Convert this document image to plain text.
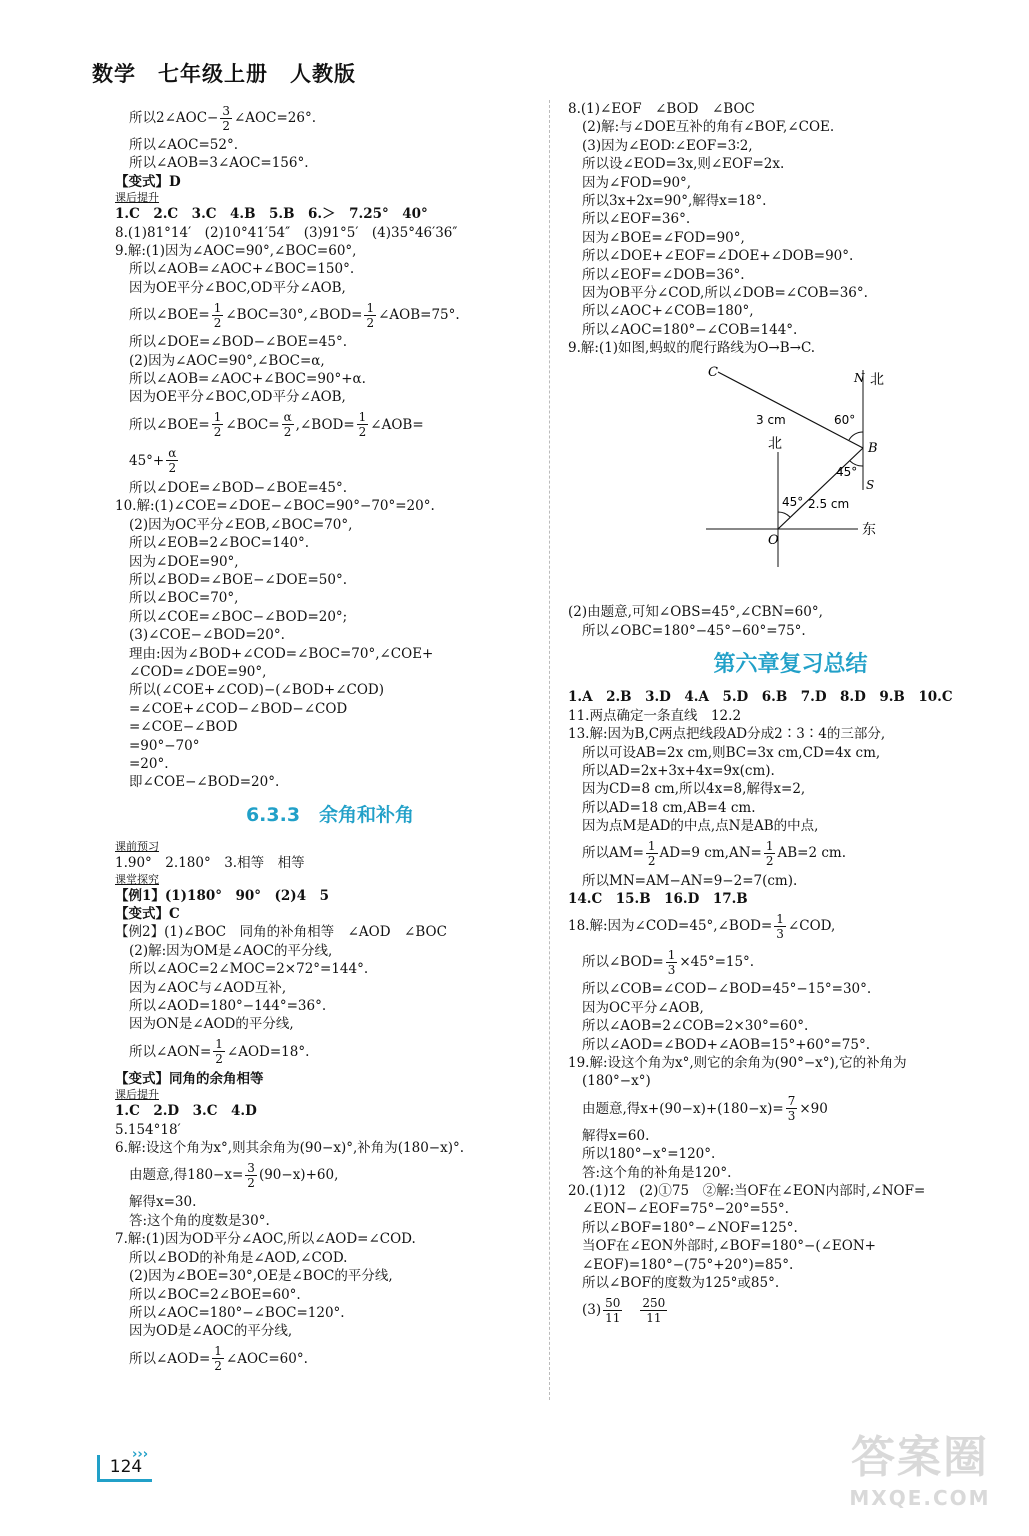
数学　七年级上册　人教版
所以2∠AOC− $\frac{3}{2}$ ∠AOC=26°.
所以∠AOC=52°.
所以∠AOB=3∠AOC=156°.
【变式】D
课后提升
1.C　2.C　3.C　4.B　5.B　6.＞　7.25°　40°
8.(1)81°14′　(2)10°41′54″　(3)91°5′　(4)35°46′36″
9.解:(1)因为∠AOC=90°,∠BOC=60°,
所以∠AOB=∠AOC+∠BOC=150°.
因为OE平分∠BOC,OD平分∠AOB,
所以∠BOE= $\frac{1}{2}$ ∠BOC=30°,∠BOD= $\frac{1}{2}$ ∠AOB=75°.
所以∠DOE=∠BOD−∠BOE=45°.
(2)因为∠AOC=90°,∠BOC=α,
所以∠AOB=∠AOC+∠BOC=90°+α.
因为OE平分∠BOC,OD平分∠AOB,
所以∠BOE= $\frac{1}{2}$ ∠BOC= $\frac{\alpha}{2}$ ,∠BOD= $\frac{1}{2}$ ∠AOB=
$45^\circ+ \frac{\alpha}{2}$
所以∠DOE=∠BOD−∠BOE=45°.
10.解:(1)∠COE=∠DOE−∠BOC=90°−70°=20°.
(2)因为OC平分∠EOB,∠BOC=70°,
所以∠EOB=2∠BOC=140°.
因为∠DOE=90°,
所以∠BOD=∠BOE−∠DOE=50°.
所以∠BOC=70°,
所以∠COE=∠BOC−∠BOD=20°;
(3)∠COE−∠BOD=20°.
理由:因为∠BOD+∠COD=∠BOC=70°,∠COE+
∠COD=∠DOE=90°,
所以(∠COE+∠COD)−(∠BOD+∠COD)
=∠COE+∠COD−∠BOD−∠COD
=∠COE−∠BOD
=90°−70°
=20°.
即∠COE−∠BOD=20°.
6.3.3　余角和补角
课前预习
1.90°　2.180°　3.相等　相等
课堂探究
【例1】(1)180°　90°　(2)4　5
【变式】C
【例2】(1)∠BOC　同角的补角相等　∠AOD　∠BOC
(2)解:因为OM是∠AOC的平分线,
所以∠AOC=2∠MOC=2×72°=144°.
因为∠AOC与∠AOD互补,
所以∠AOD=180°−144°=36°.
因为ON是∠AOD的平分线,
所以∠AON= $\frac{1}{2}$ ∠AOD=18°.
【变式】同角的余角相等
课后提升
1.C　2.D　3.C　4.D
5.154°18′
6.解:设这个角为x°,则其余角为(90−x)°,补角为(180−x)°.
由题意,得$180-x= \frac{3}{2} (90-x)+60$,
解得x=30.
答:这个角的度数是30°.
7.解:(1)因为OD平分∠AOC,所以∠AOD=∠COD.
所以∠BOD的补角是∠AOD,∠COD.
(2)因为∠BOE=30°,OE是∠BOC的平分线,
所以∠BOC=2∠BOE=60°.
所以∠AOC=180°−∠BOC=120°.
因为OD是∠AOC的平分线,
所以∠AOD= $\frac{1}{2}$ ∠AOC=60°.
8.(1)∠EOF　∠BOD　∠BOC
(2)解:与∠DOE互补的角有∠BOF,∠COE.
(3)因为∠EOD∶∠EOF=3∶2,
所以设∠EOD=3x,则∠EOF=2x.
因为∠FOD=90°,
所以3x+2x=90°,解得x=18°.
所以∠EOF=36°.
因为∠BOE=∠FOD=90°,
所以∠DOE+∠EOF=∠DOE+∠DOB=90°.
所以∠EOF=∠DOB=36°.
因为OB平分∠COD,所以∠DOB=∠COB=36°.
所以∠AOC+∠COB=180°,
所以∠AOC=180°−∠COB=144°.
9.解:(1)如图,蚂蚁的爬行路线为O→B→C.
C	N 北
B
S
北
O
东
3 cm
2.5 cm
60°
45°
45°
(2)由题意,可知∠OBS=45°,∠CBN=60°,
所以∠OBC=180°−45°−60°=75°.
第六章复习总结
1.A　2.B　3.D　4.A　5.D　6.B　7.D　8.D　9.B　10.C
11.两点确定一条直线　12.2
13.解:因为B,C两点把线段AD分成2∶3∶4的三部分,
所以可设AB=2x cm,则BC=3x cm,CD=4x cm,
所以AD=2x+3x+4x=9x(cm).
因为CD=8 cm,所以4x=8,解得x=2,
所以AD=18 cm,AB=4 cm.
因为点M是AD的中点,点N是AB的中点,
所以$AM= \frac{1}{2} AD=9$ $cm,AN= \frac{1}{2} AB=2$ cm.
所以MN=AM−AN=9−2=7(cm).
14.C　15.B　16.D　17.B
18.解:因为∠COD=45°,∠BOD= $\frac{1}{3}$ ∠COD,
所以∠BOD= $\frac{1}{3} \times 45^\circ=15^\circ$.
所以∠COB=∠COD−∠BOD=45°−15°=30°.
因为OC平分∠AOB,
所以∠AOB=2∠COB=2×30°=60°.
所以∠AOD=∠BOD+∠AOB=15°+60°=75°.
19.解:设这个角为x°,则它的余角为(90°−x°),它的补角为
(180°−x°)
由题意,得$x+(90-x)+(180-x)= \frac{7}{3} \times 90$
解得x=60.
所以180°−x°=120°.
答:这个角的补角是120°.
20.(1)12　(2)①75　②解:当OF在∠EON内部时,∠NOF=
∠EON−∠EOF=75°−20°=55°.
所以∠BOF=180°−∠NOF=125°.
当OF在∠EON外部时,∠BOF=180°−(∠EON+
∠EOF)=180°−(75°+20°)=85°.
所以∠BOF的度数为125°或85°.
$(3) \frac{50}{11} \frac{250}{11}$
›››
124	答案圈
MXQE.COM
